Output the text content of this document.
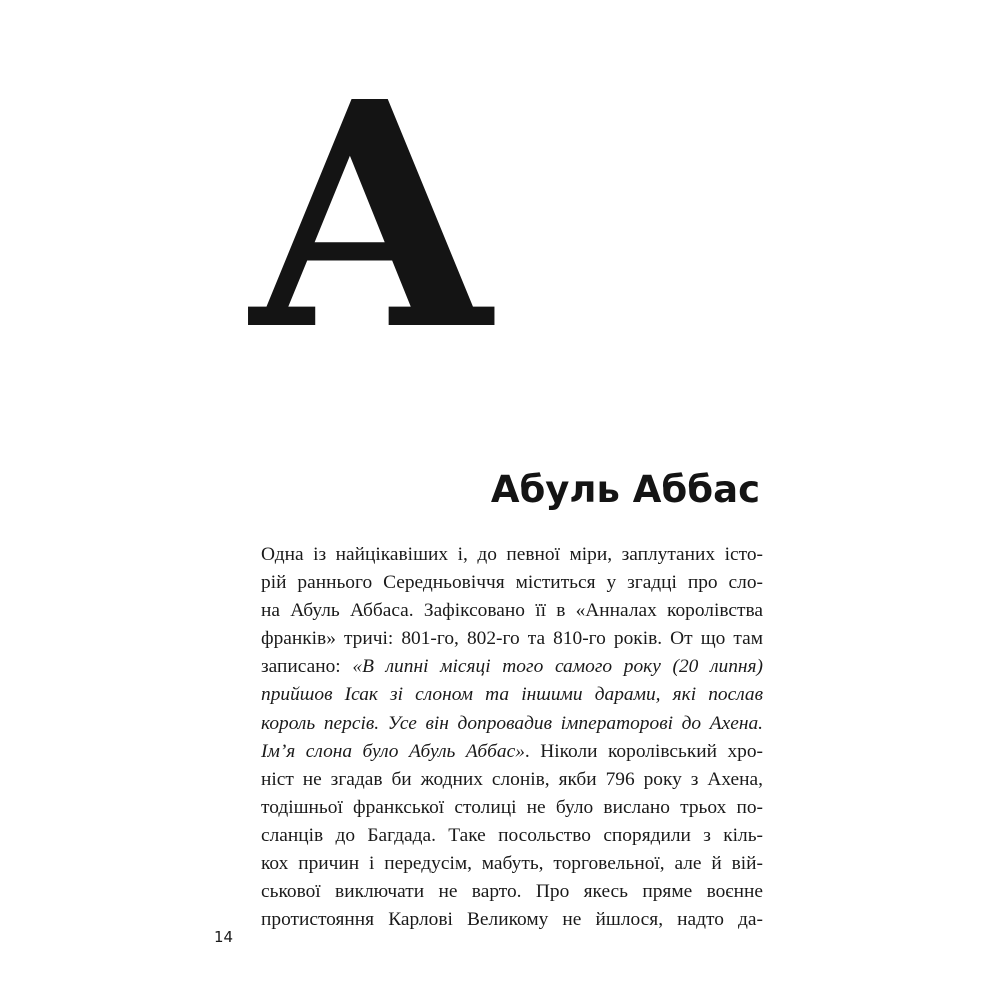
А
Абуль Аббас
Одна із найцікавіших і, до певної міри, заплутаних істо-
рій раннього Середньовіччя міститься у згадці про сло-
на Абуль Аббаса. Зафіксовано її в «Анналах королівства
франків» тричі: 801-го, 802-го та 810-го років. От що там
записано: «В липні місяці того самого року (20 липня)
прийшов Ісак зі слоном та іншими дарами, які послав
король персів. Усе він допровадив імператорові до Ахена.
Ім’я слона було Абуль Аббас». Ніколи королівський хро-
ніст не згадав би жодних слонів, якби 796 року з Ахена,
тодішньої франкської столиці не було вислано трьох по-
сланців до Багдада. Таке посольство спорядили з кіль-
кох причин і передусім, мабуть, торговельної, але й вій-
ськової виключати не варто. Про якесь пряме воєнне
протистояння Карлові Великому не йшлося, надто да-
14
